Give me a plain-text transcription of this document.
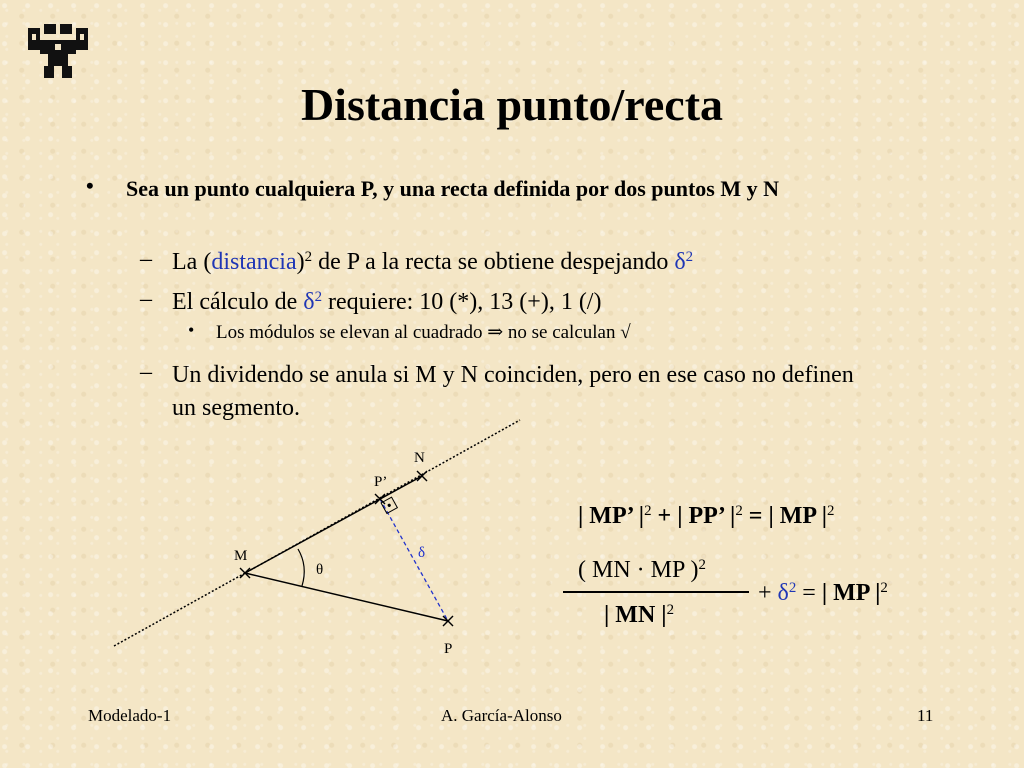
Distancia punto/recta
• Sea un punto cualquiera P, y una recta definida por dos puntos M y N
– La (distancia)$^2$ de P a la recta se obtiene despejando $\delta^2$
– El cálculo de $\delta^2$ requiere: 10 (*), 13 (+), 1 (/)
• Los módulos se elevan al cuadrado ⇒ no se calculan √
– Un dividendo se anula si M y N coinciden, pero en ese caso no definen un segmento.
M
N
P’
P
θ
δ
| MP’ $|^2$ + | PP’ $|^2$ = | MP $|^2$
( MN · MP )$^2$
| MN $|^2$
+ $\delta^2$ = | MP $|^2$
Modelado-1	A. García-Alonso	11
